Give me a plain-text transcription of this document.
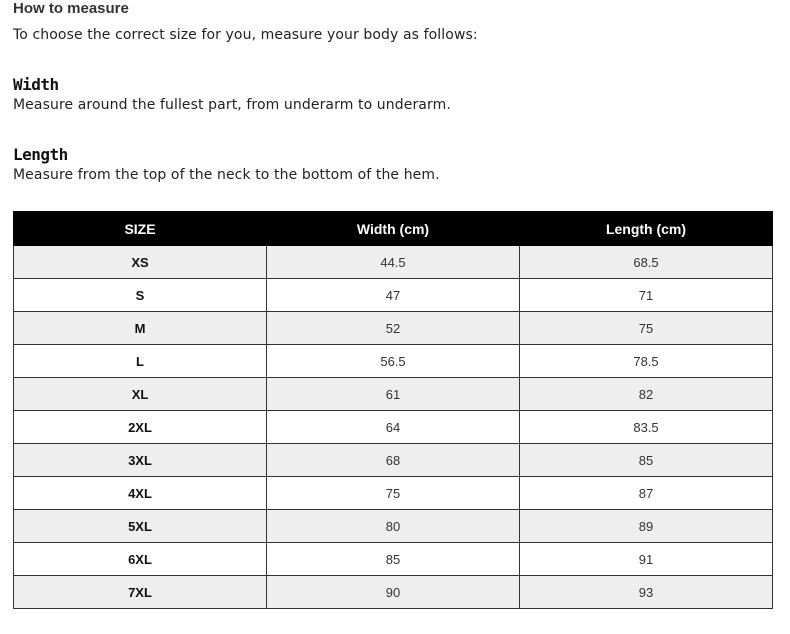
How to measure

To choose the correct size for you, measure your body as follows:

Width

Measure around the fullest part, from underarm to underarm.

Length

Measure from the top of the neck to the bottom of the hem.

SIZE	Width (cm)	Length (cm)
XS	44.5	68.5
S	47	71
M	52	75
L	56.5	78.5
XL	61	82
2XL	64	83.5
3XL	68	85
4XL	75	87
5XL	80	89
6XL	85	91
7XL	90	93
